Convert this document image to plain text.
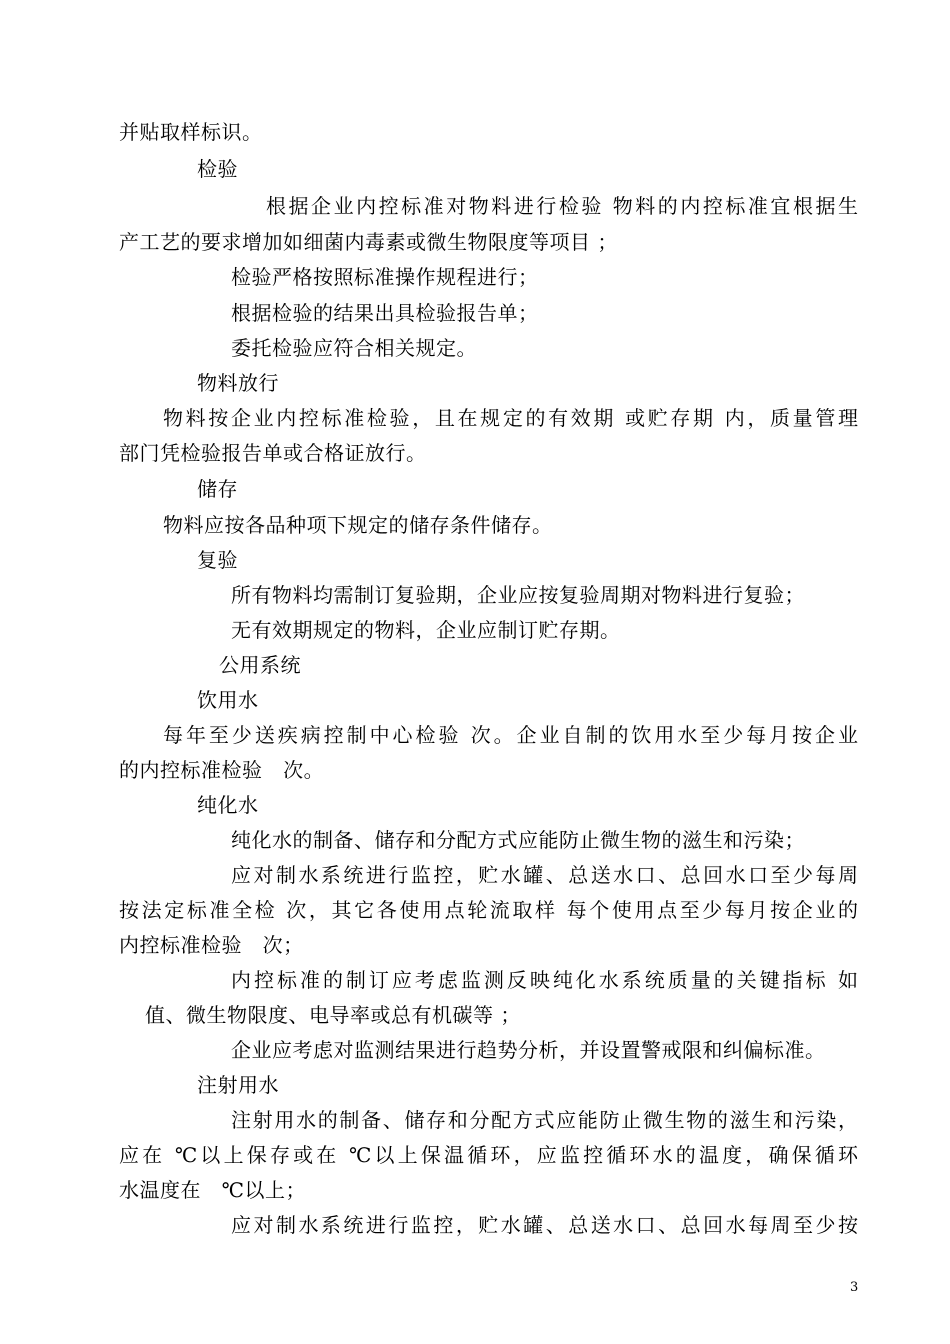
并贴取样标识。
检验
根据企业内控标准对物料进行检验 物料的内控标准宜根据生
产工艺的要求增加如细菌内毒素或微生物限度等项目 ；
检验严格按照标准操作规程进行；
根据检验的结果出具检验报告单；
委托检验应符合相关规定。
物料放行
物料按企业内控标准检验，且在规定的有效期 或贮存期 内，质量管理
部门凭检验报告单或合格证放行。
储存
物料应按各品种项下规定的储存条件储存。
复验
所有物料均需制订复验期，企业应按复验周期对物料进行复验；
无有效期规定的物料，企业应制订贮存期。
公用系统
饮用水
每年至少送疾病控制中心检验 次。企业自制的饮用水至少每月按企业
的内控标准检验   次。
纯化水
纯化水的制备、储存和分配方式应能防止微生物的滋生和污染；
应对制水系统进行监控，贮水罐、总送水口、总回水口至少每周
按法定标准全检 次，其它各使用点轮流取样 每个使用点至少每月按企业的
内控标准检验   次；
内控标准的制订应考虑监测反映纯化水系统质量的关键指标 如
值、微生物限度、电导率或总有机碳等 ；
企业应考虑对监测结果进行趋势分析，并设置警戒限和纠偏标准。
注射用水
注射用水的制备、储存和分配方式应能防止微生物的滋生和污染，
应在 ℃以上保存或在 ℃以上保温循环，应监控循环水的温度，确保循环
水温度在   ℃以上；
应对制水系统进行监控，贮水罐、总送水口、总回水每周至少按
3
